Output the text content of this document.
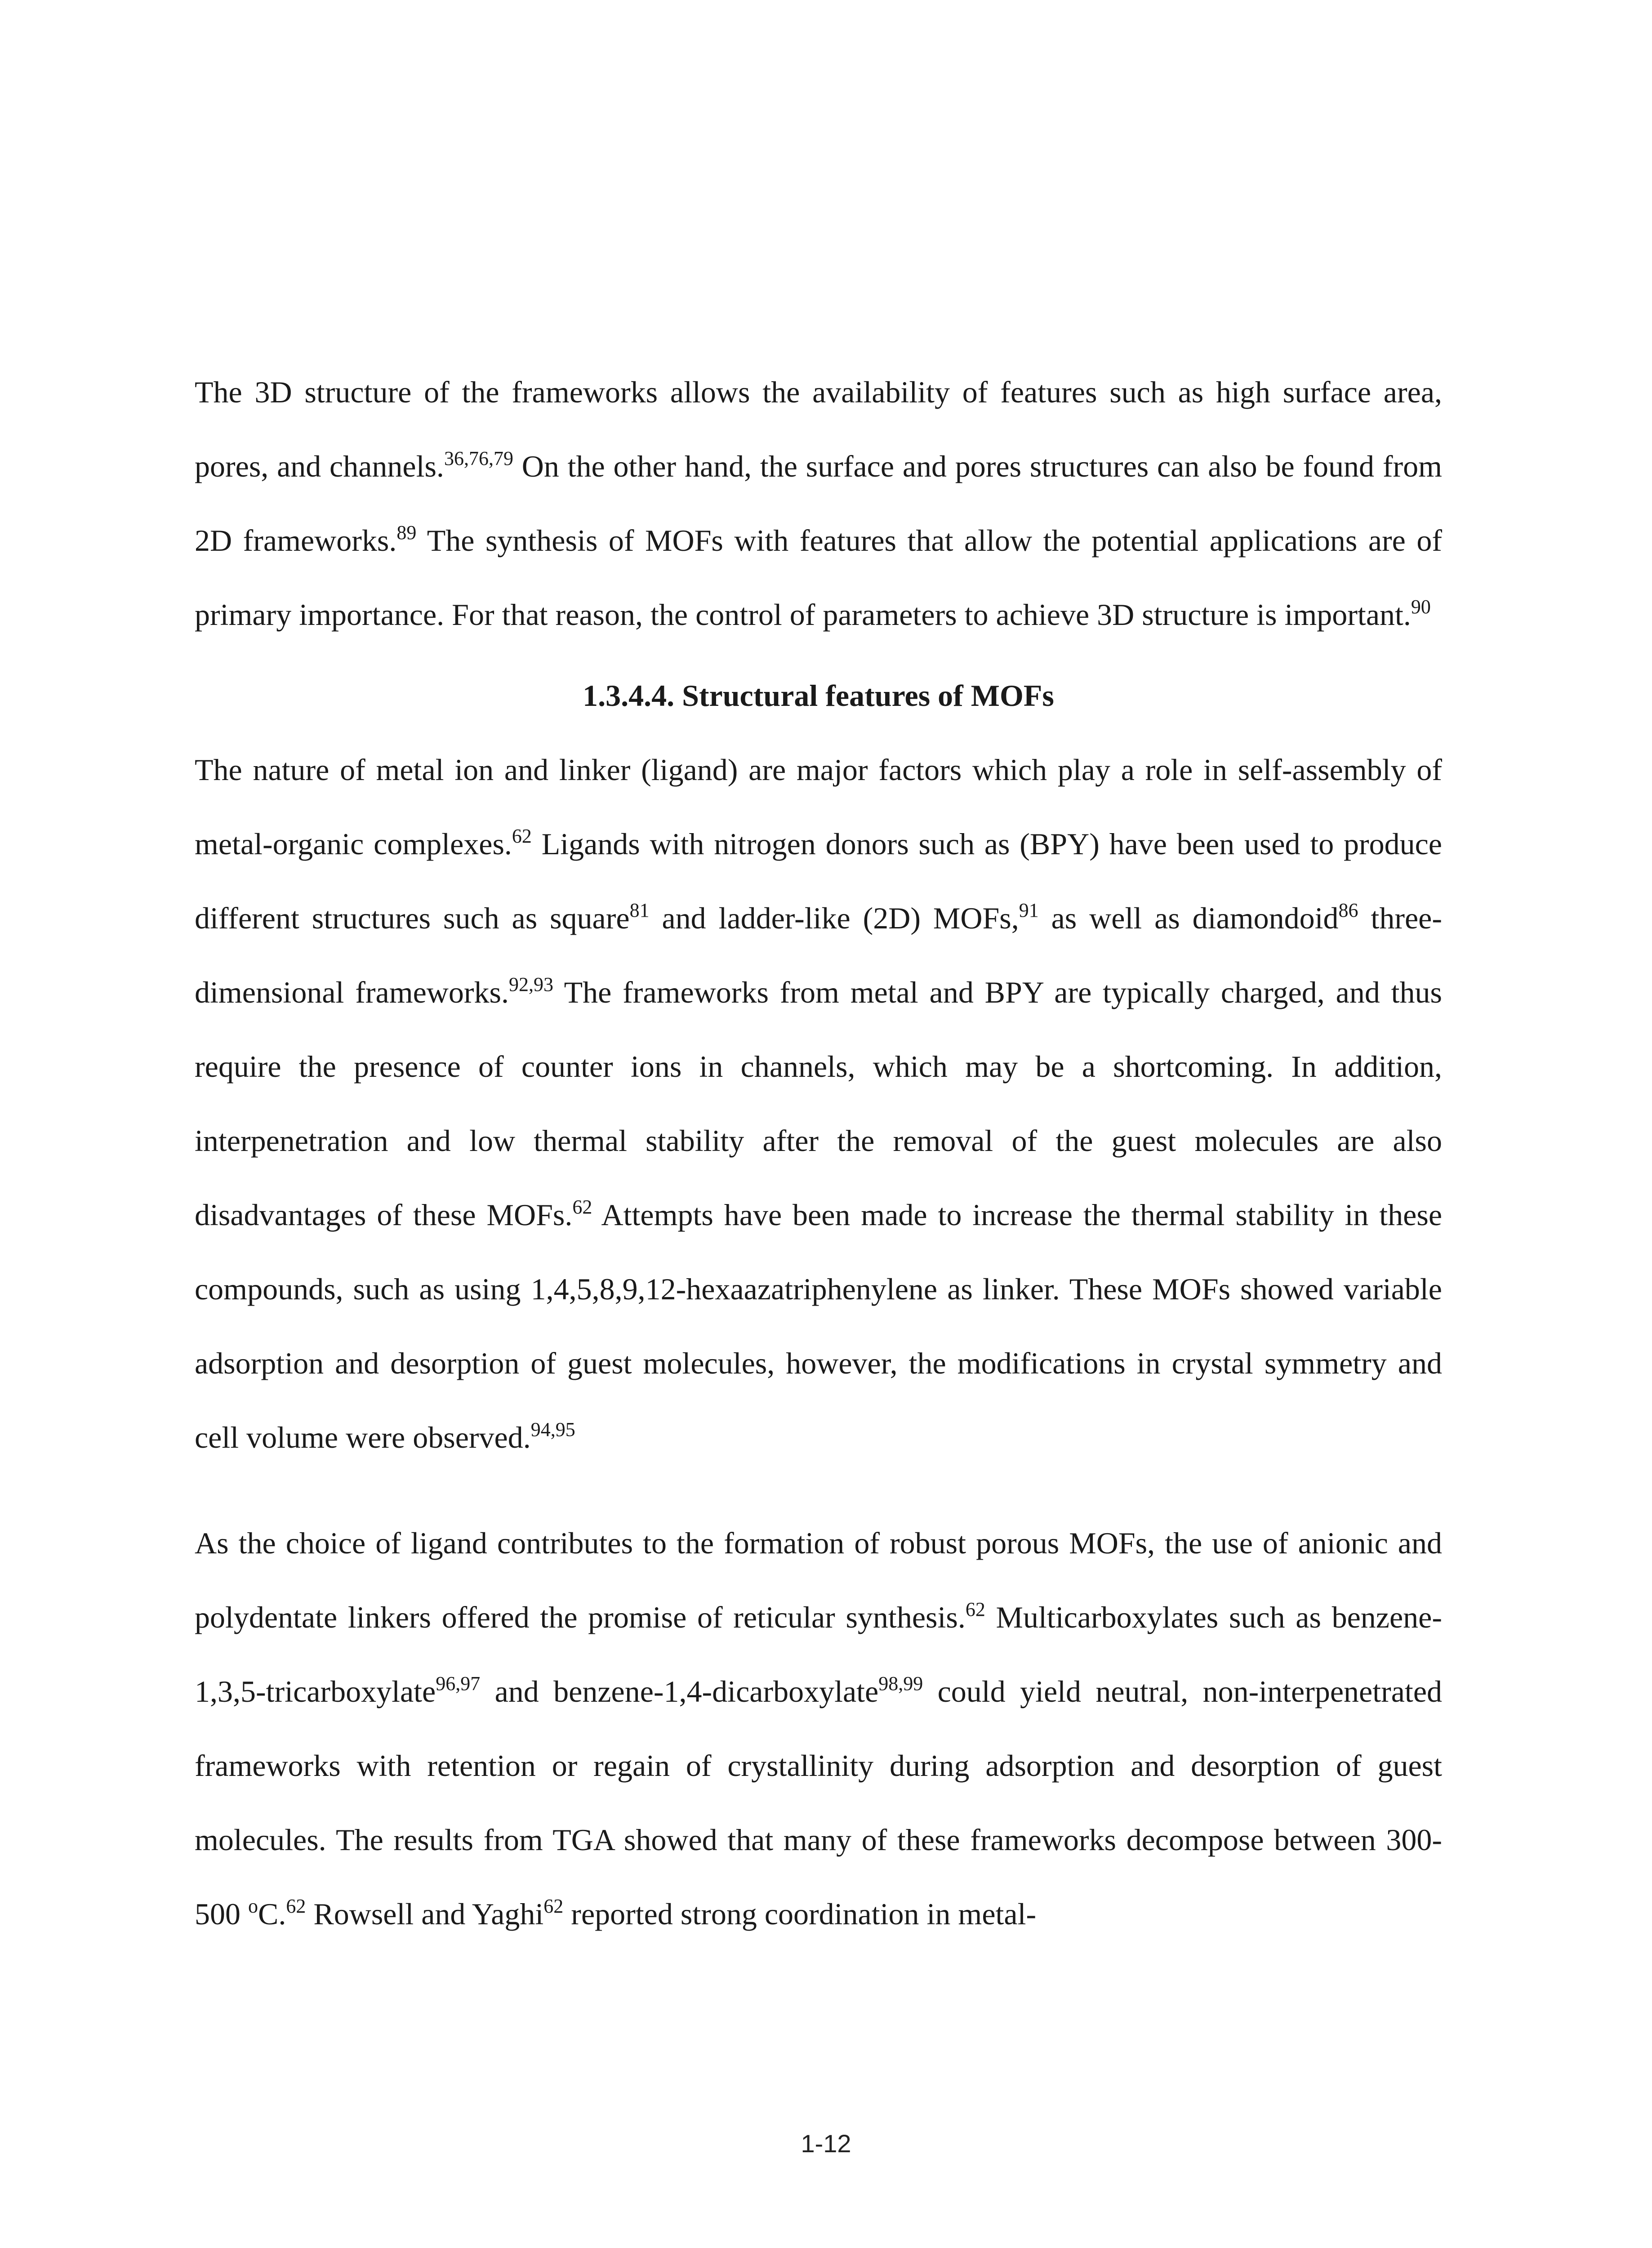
The 3D structure of the frameworks allows the availability of features such as high surface area, pores, and channels.$^{36,76,79}$ On the other hand, the surface and pores structures can also be found from 2D frameworks.$^{89}$ The synthesis of MOFs with features that allow the potential applications are of primary importance. For that reason, the control of parameters to achieve 3D structure is important.$^{90}$

1.3.4.4. Structural features of MOFs

The nature of metal ion and linker (ligand) are major factors which play a role in self-assembly of metal-organic complexes.$^{62}$ Ligands with nitrogen donors such as (BPY) have been used to produce different structures such as square$^{81}$ and ladder-like (2D) MOFs,$^{91}$ as well as diamondoid$^{86}$ three-dimensional frameworks.$^{92,93}$ The frameworks from metal and BPY are typically charged, and thus require the presence of counter ions in channels, which may be a shortcoming. In addition, interpenetration and low thermal stability after the removal of the guest molecules are also disadvantages of these MOFs.$^{62}$ Attempts have been made to increase the thermal stability in these compounds, such as using 1,4,5,8,9,12-hexaazatriphenylene as linker. These MOFs showed variable adsorption and desorption of guest molecules, however, the modifications in crystal symmetry and cell volume were observed.$^{94,95}$

As the choice of ligand contributes to the formation of robust porous MOFs, the use of anionic and polydentate linkers offered the promise of reticular synthesis.$^{62}$ Multicarboxylates such as benzene-1,3,5-tricarboxylate$^{96,97}$ and benzene-1,4-dicarboxylate$^{98,99}$ could yield neutral, non-interpenetrated frameworks with retention or regain of crystallinity during adsorption and desorption of guest molecules. The results from TGA showed that many of these frameworks decompose between 300-500 $^o$C.$^{62}$ Rowsell and Yaghi$^{62}$ reported strong coordination in metal-

1-12
